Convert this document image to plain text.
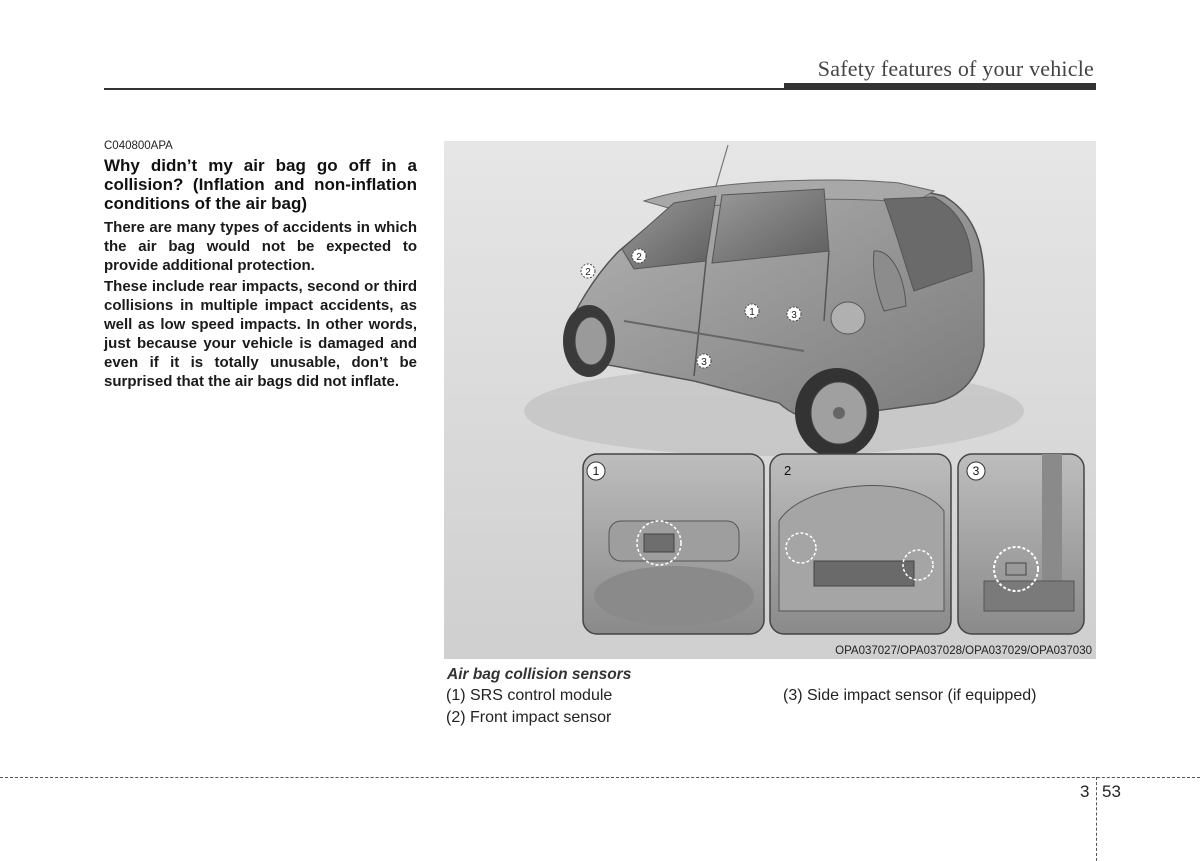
Safety features of your vehicle
C040800APA
Why didn’t my air bag go off in a collision? (Inflation and non-inflation conditions of the air bag)
There are many types of accidents in which the air bag would not be expected to provide additional protection.
These include rear impacts, second or third collisions in multiple impact accidents, as well as low speed impacts. In other words, just because your vehicle is damaged and even if it is totally unusable, don’t be surprised that the air bags did not inflate.
2
2
1	3
3
1	2	3
OPA037027/OPA037028/OPA037029/OPA037030
Air bag collision sensors
(1) SRS control module
(2) Front impact sensor
(3) Side impact sensor (if equipped)
3 53
